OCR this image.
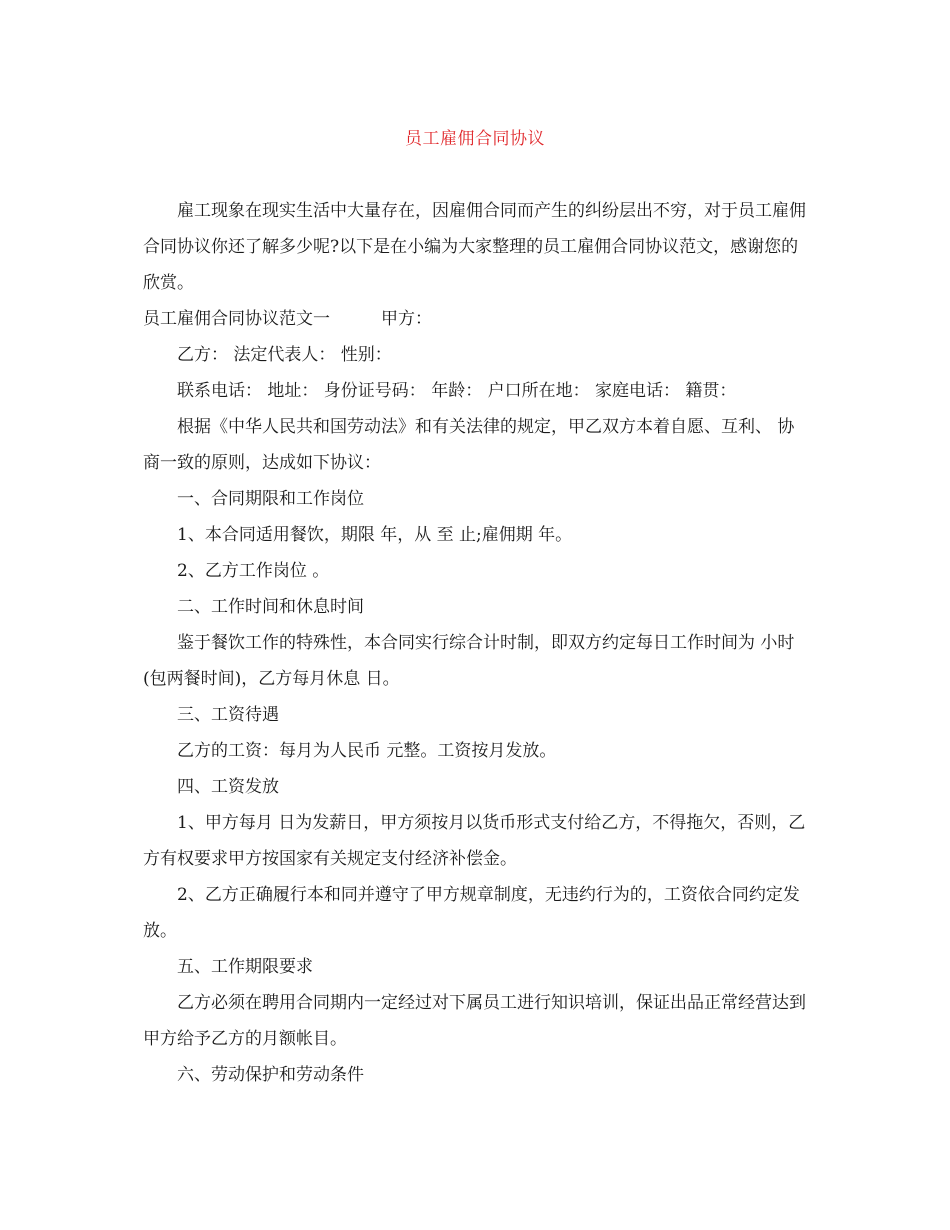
员工雇佣合同协议

雇工现象在现实生活中大量存在，因雇佣合同而产生的纠纷层出不穷，对于员工雇佣合同协议你还了解多少呢?以下是在小编为大家整理的员工雇佣合同协议范文，感谢您的欣赏。

员工雇佣合同协议范文一　　　甲方：

乙方： 法定代表人： 性别：

联系电话： 地址： 身份证号码： 年龄： 户口所在地： 家庭电话： 籍贯：

根据《中华人民共和国劳动法》和有关法律的规定，甲乙双方本着自愿、互利、 协商一致的原则，达成如下协议：

一、合同期限和工作岗位

1、本合同适用餐饮，期限 年，从 至 止;雇佣期 年。

2、乙方工作岗位 。

二、工作时间和休息时间

鉴于餐饮工作的特殊性，本合同实行综合计时制，即双方约定每日工作时间为 小时(包两餐时间)，乙方每月休息 日。

三、工资待遇

乙方的工资：每月为人民币 元整。工资按月发放。

四、工资发放

1、甲方每月 日为发薪日，甲方须按月以货币形式支付给乙方，不得拖欠，否则，乙方有权要求甲方按国家有关规定支付经济补偿金。

2、乙方正确履行本和同并遵守了甲方规章制度，无违约行为的，工资依合同约定发放。

五、工作期限要求

乙方必须在聘用合同期内一定经过对下属员工进行知识培训，保证出品正常经营达到甲方给予乙方的月额帐目。

六、劳动保护和劳动条件
